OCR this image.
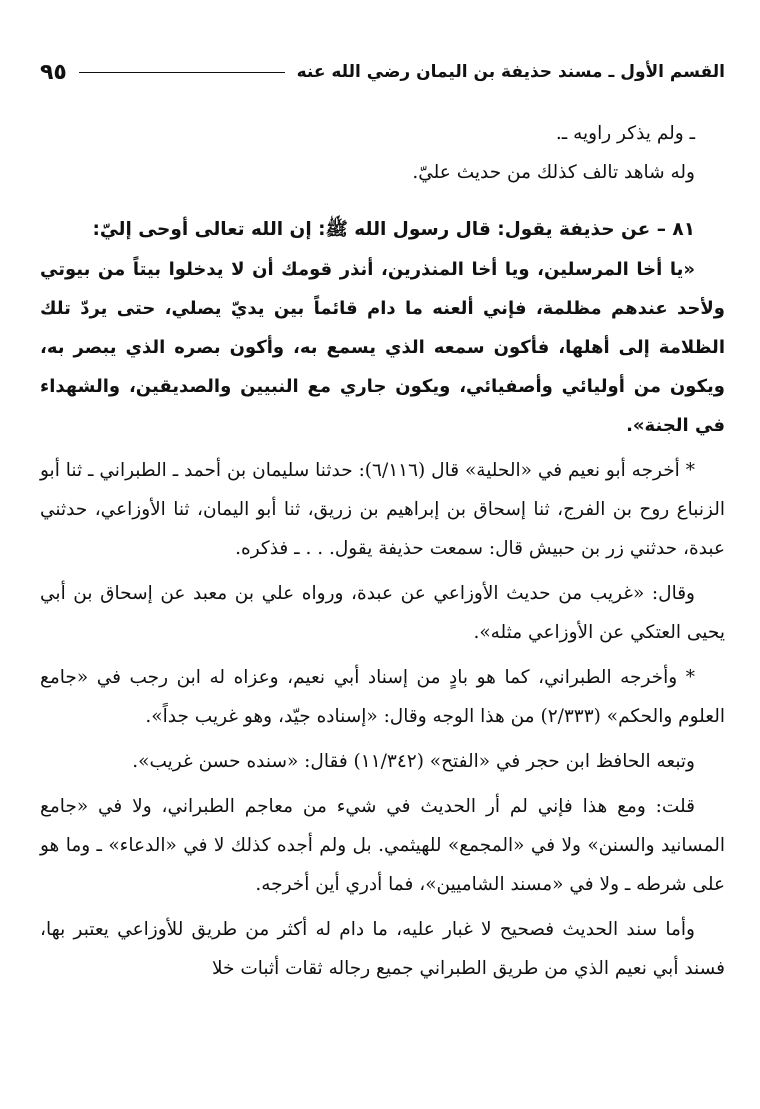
القسم الأول ـ مسند حذيفة بن اليمان رضي الله عنه
٩٥

ـ ولم يذكر راويه ـ.

وله شاهد تالف كذلك من حديث عليّ.

٨١ – عن حذيفة يقول: قال رسول الله ﷺ: إن الله تعالى أوحى إليّ:

«يا أخا المرسلين، ويا أخا المنذرين، أنذر قومك أن لا يدخلوا بيتاً من بيوتي ولأحد عندهم مظلمة، فإني ألعنه ما دام قائماً بين يديّ يصلي، حتى يردّ تلك الظلامة إلى أهلها، فأكون سمعه الذي يسمع به، وأكون بصره الذي يبصر به، ويكون من أوليائي وأصفيائي، ويكون جاري مع النبيين والصديقين، والشهداء في الجنة».

* أخرجه أبو نعيم في «الحلية» قال (٦/١١٦): حدثنا سليمان بن أحمد ـ الطبراني ـ ثنا أبو الزنباع روح بن الفرج، ثنا إسحاق بن إبراهيم بن زريق، ثنا أبو اليمان، ثنا الأوزاعي، حدثني عبدة، حدثني زر بن حبيش قال: سمعت حذيفة يقول. . . ـ فذكره.

وقال: «غريب من حديث الأوزاعي عن عبدة، ورواه علي بن معبد عن إسحاق بن أبي يحيى العتكي عن الأوزاعي مثله».

* وأخرجه الطبراني، كما هو بادٍ من إسناد أبي نعيم، وعزاه له ابن رجب في «جامع العلوم والحكم» (٢/٣٣٣) من هذا الوجه وقال: «إسناده جيّد، وهو غريب جداً».

وتبعه الحافظ ابن حجر في «الفتح» (١١/٣٤٢) فقال: «سنده حسن غريب».

قلت: ومع هذا فإني لم أر الحديث في شيء من معاجم الطبراني، ولا في «جامع المسانيد والسنن» ولا في «المجمع» للهيثمي. بل ولم أجده كذلك لا في «الدعاء» ـ وما هو على شرطه ـ ولا في «مسند الشاميين»، فما أدري أين أخرجه.

وأما سند الحديث فصحيح لا غبار عليه، ما دام له أكثر من طريق للأوزاعي يعتبر بها، فسند أبي نعيم الذي من طريق الطبراني جميع رجاله ثقات أثبات خلا
